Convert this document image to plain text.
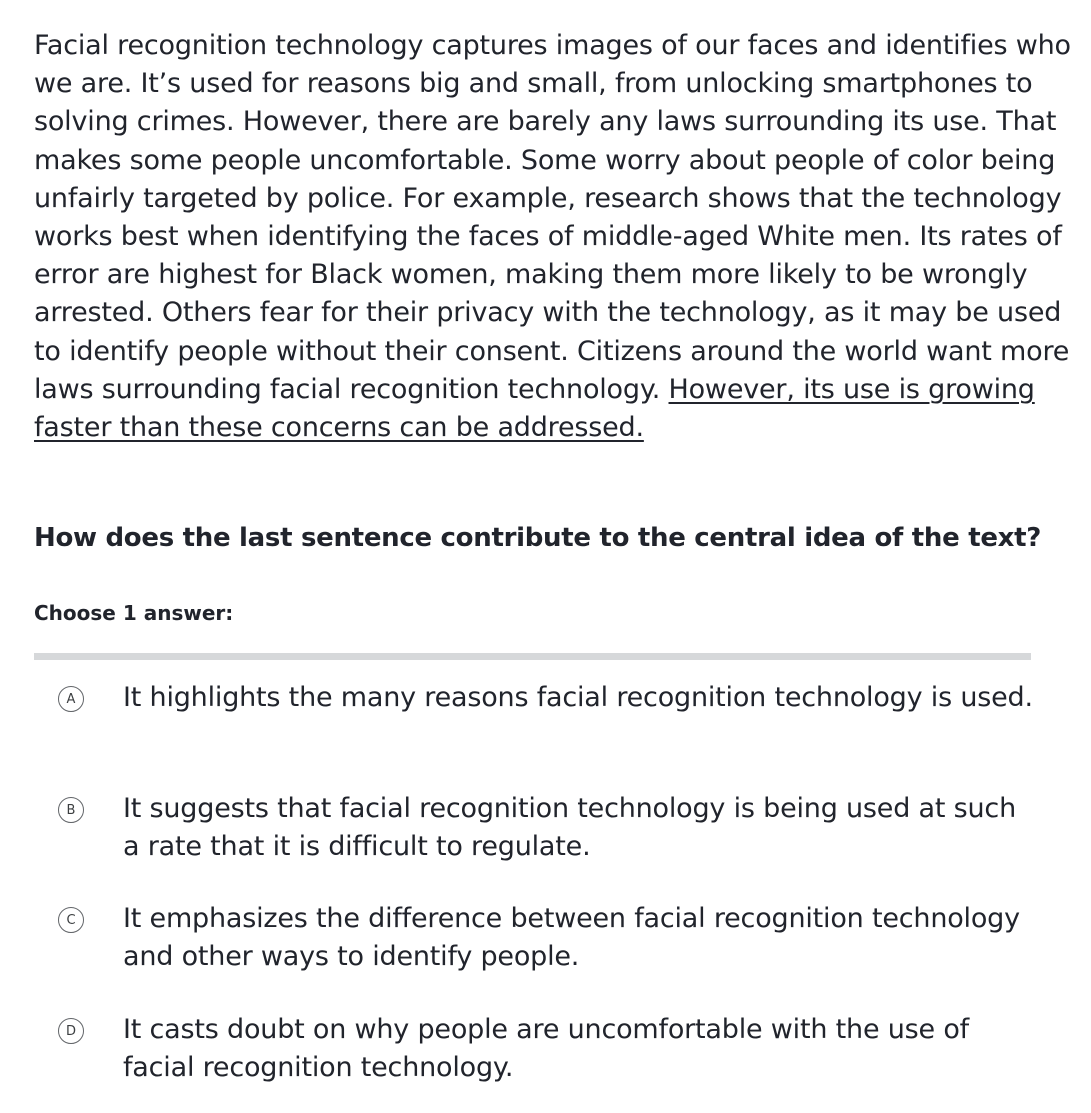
Facial recognition technology captures images of our faces and identifies who we are. It’s used for reasons big and small, from unlocking smartphones to solving crimes. However, there are barely any laws surrounding its use. That makes some people uncomfortable. Some worry about people of color being unfairly targeted by police. For example, research shows that the technology works best when identifying the faces of middle-aged White men. Its rates of error are highest for Black women, making them more likely to be wrongly arrested. Others fear for their privacy with the technology, as it may be used to identify people without their consent. Citizens around the world want more laws surrounding facial recognition technology. However, its use is growing faster than these concerns can be addressed.

How does the last sentence contribute to the central idea of the text?

Choose 1 answer:

A	It highlights the many reasons facial recognition technology is used.
B	It suggests that facial recognition technology is being used at such a rate that it is difficult to regulate.
C	It emphasizes the difference between facial recognition technology and other ways to identify people.
D It casts doubt on why people are uncomfortable with the use of facial recognition technology.
